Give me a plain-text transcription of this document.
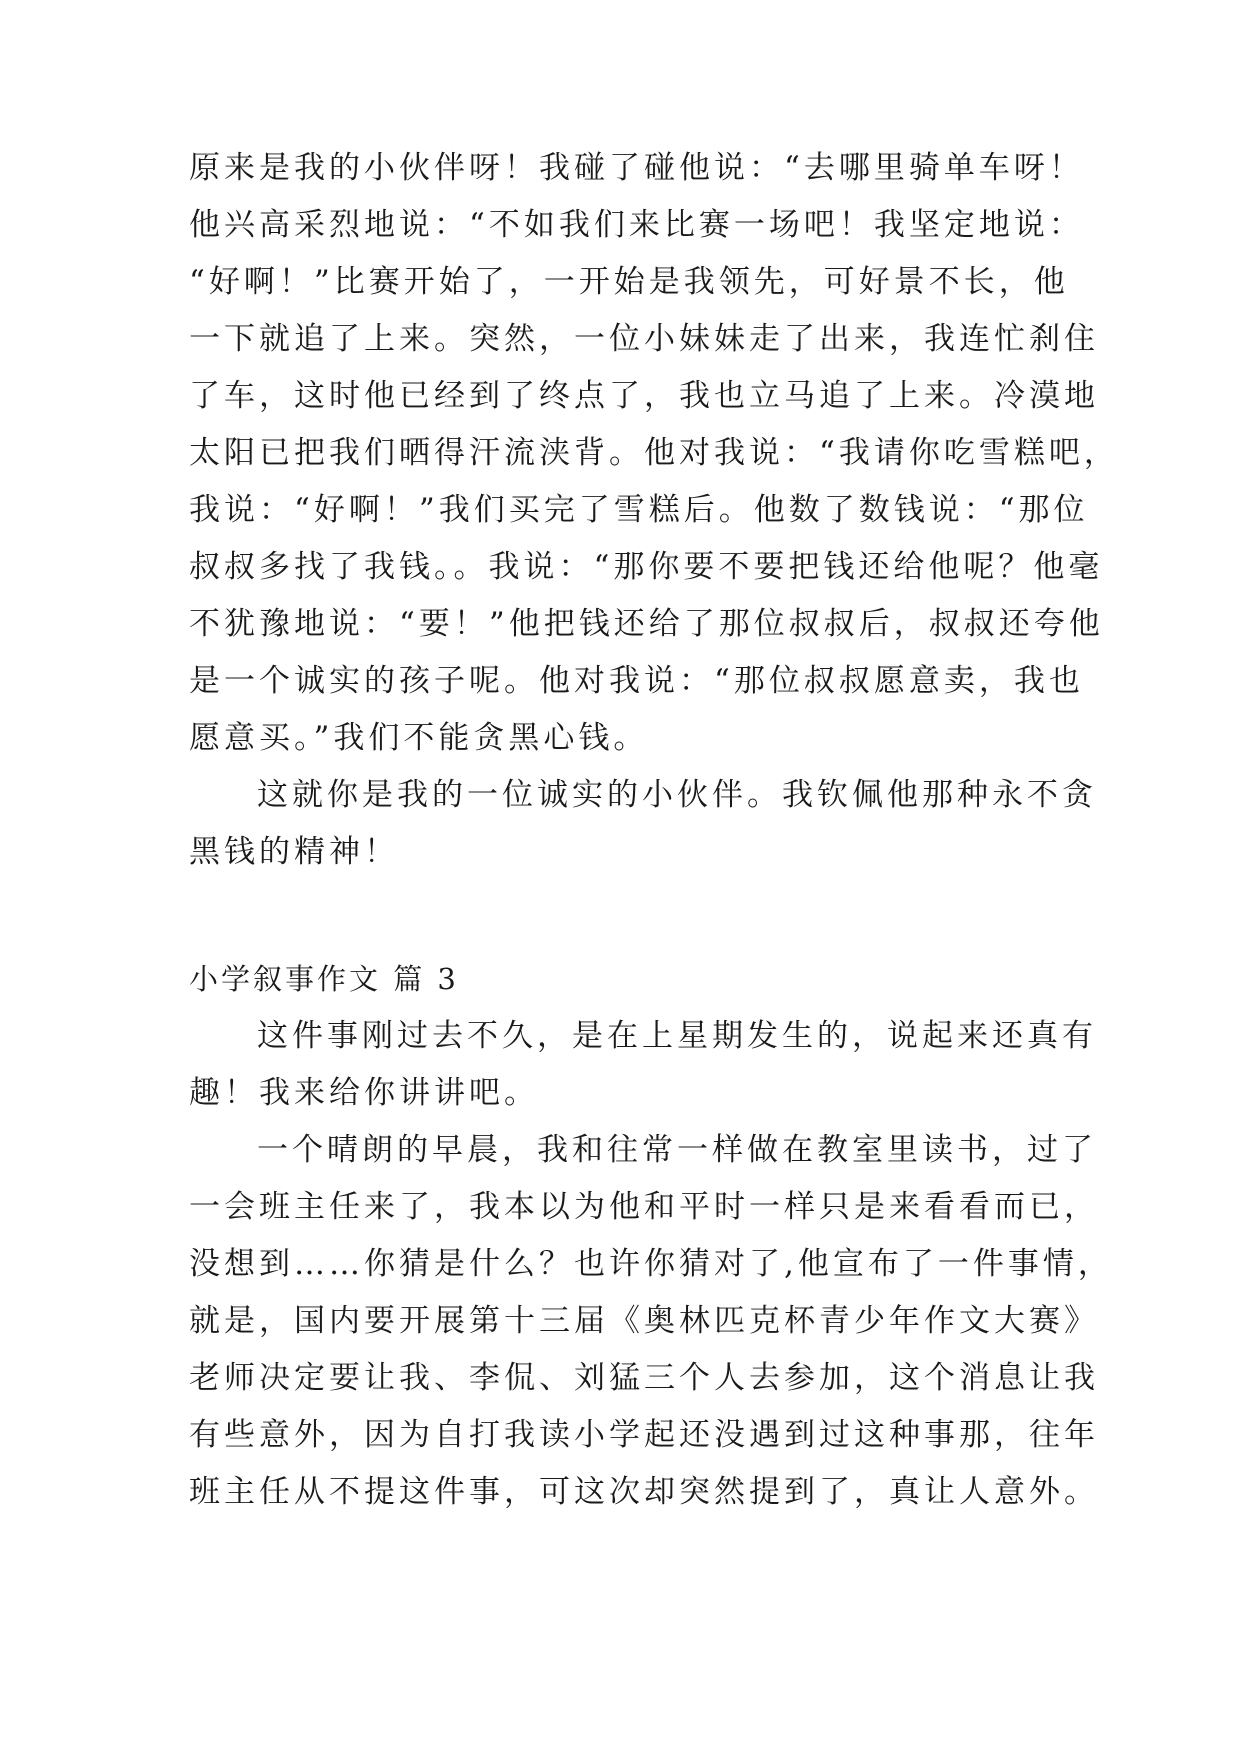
原来是我的小伙伴呀！我碰了碰他说：“去哪里骑单车呀！
他兴高采烈地说：“不如我们来比赛一场吧！我坚定地说：
“好啊！”比赛开始了，一开始是我领先，可好景不长，他
一下就追了上来。突然，一位小妹妹走了出来，我连忙刹住
了车，这时他已经到了终点了，我也立马追了上来。冷漠地
太阳已把我们晒得汗流浃背。他对我说：“我请你吃雪糕吧，
我说：“好啊！”我们买完了雪糕后。他数了数钱说：“那位
叔叔多找了我钱。。我说：“那你要不要把钱还给他呢？他毫
不犹豫地说：“要！”他把钱还给了那位叔叔后，叔叔还夸他
是一个诚实的孩子呢。他对我说：“那位叔叔愿意卖，我也
愿意买。”我们不能贪黑心钱。
这就你是我的一位诚实的小伙伴。我钦佩他那种永不贪
黑钱的精神！
小学叙事作文 篇 3
这件事刚过去不久，是在上星期发生的，说起来还真有
趣！我来给你讲讲吧。
一个晴朗的早晨，我和往常一样做在教室里读书，过了
一会班主任来了，我本以为他和平时一样只是来看看而已，
没想到……你猜是什么？也许你猜对了,他宣布了一件事情，
就是，国内要开展第十三届《奥林匹克杯青少年作文大赛》
老师决定要让我、李侃、刘猛三个人去参加，这个消息让我
有些意外，因为自打我读小学起还没遇到过这种事那，往年
班主任从不提这件事，可这次却突然提到了，真让人意外。
